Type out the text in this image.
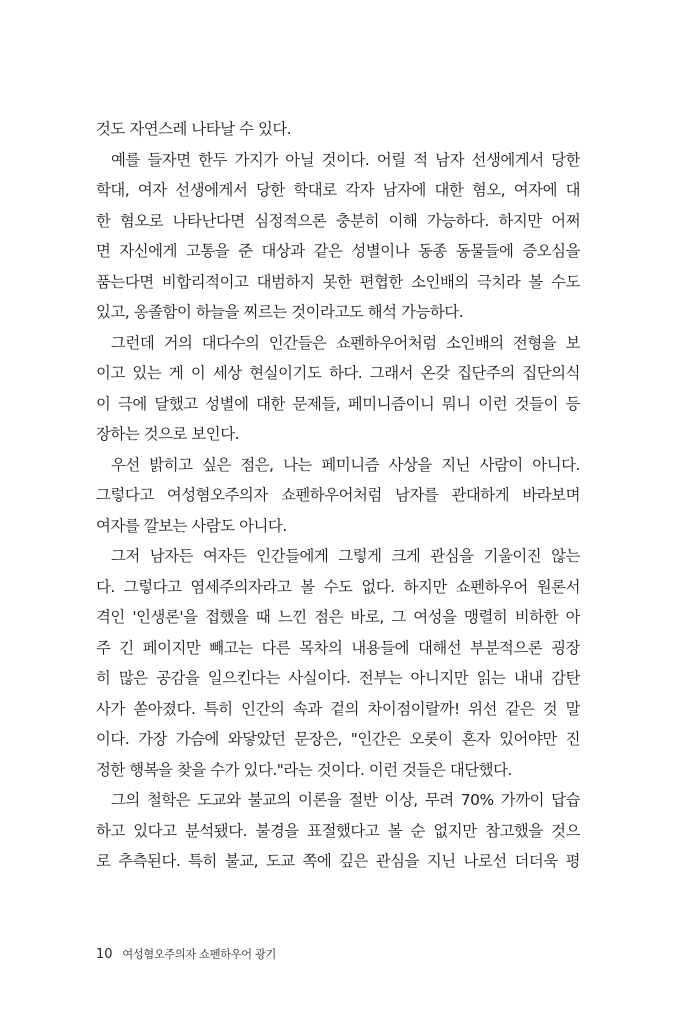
것도 자연스레 나타날 수 있다.
예를 들자면 한두 가지가 아닐 것이다. 어릴 적 남자 선생에게서 당한
학대, 여자 선생에게서 당한 학대로 각자 남자에 대한 혐오, 여자에 대
한 혐오로 나타난다면 심정적으론 충분히 이해 가능하다. 하지만 어쩌
면 자신에게 고통을 준 대상과 같은 성별이나 동종 동물들에 증오심을
품는다면 비합리적이고 대범하지 못한 편협한 소인배의 극치라 볼 수도
있고, 옹졸함이 하늘을 찌르는 것이라고도 해석 가능하다.
그런데 거의 대다수의 인간들은 쇼펜하우어처럼 소인배의 전형을 보
이고 있는 게 이 세상 현실이기도 하다. 그래서 온갖 집단주의 집단의식
이 극에 달했고 성별에 대한 문제들, 페미니즘이니 뭐니 이런 것들이 등
장하는 것으로 보인다.
우선 밝히고 싶은 점은, 나는 페미니즘 사상을 지닌 사람이 아니다.
그렇다고 여성혐오주의자 쇼펜하우어처럼 남자를 관대하게 바라보며
여자를 깔보는 사람도 아니다.
그저 남자든 여자든 인간들에게 그렇게 크게 관심을 기울이진 않는
다. 그렇다고 염세주의자라고 볼 수도 없다. 하지만 쇼펜하우어 원론서
격인 '인생론'을 접했을 때 느낀 점은 바로, 그 여성을 맹렬히 비하한 아
주 긴 페이지만 빼고는 다른 목차의 내용들에 대해선 부분적으론 굉장
히 많은 공감을 일으킨다는 사실이다. 전부는 아니지만 읽는 내내 감탄
사가 쏟아졌다. 특히 인간의 속과 겉의 차이점이랄까! 위선 같은 것 말
이다. 가장 가슴에 와닿았던 문장은, "인간은 오롯이 혼자 있어야만 진
정한 행복을 찾을 수가 있다."라는 것이다. 이런 것들은 대단했다.
그의 철학은 도교와 불교의 이론을 절반 이상, 무려 70% 가까이 답습
하고 있다고 분석됐다. 불경을 표절했다고 볼 순 없지만 참고했을 것으
로 추측된다. 특히 불교, 도교 쪽에 깊은 관심을 지닌 나로선 더더욱 평
10 여성혐오주의자 쇼펜하우어 광기
